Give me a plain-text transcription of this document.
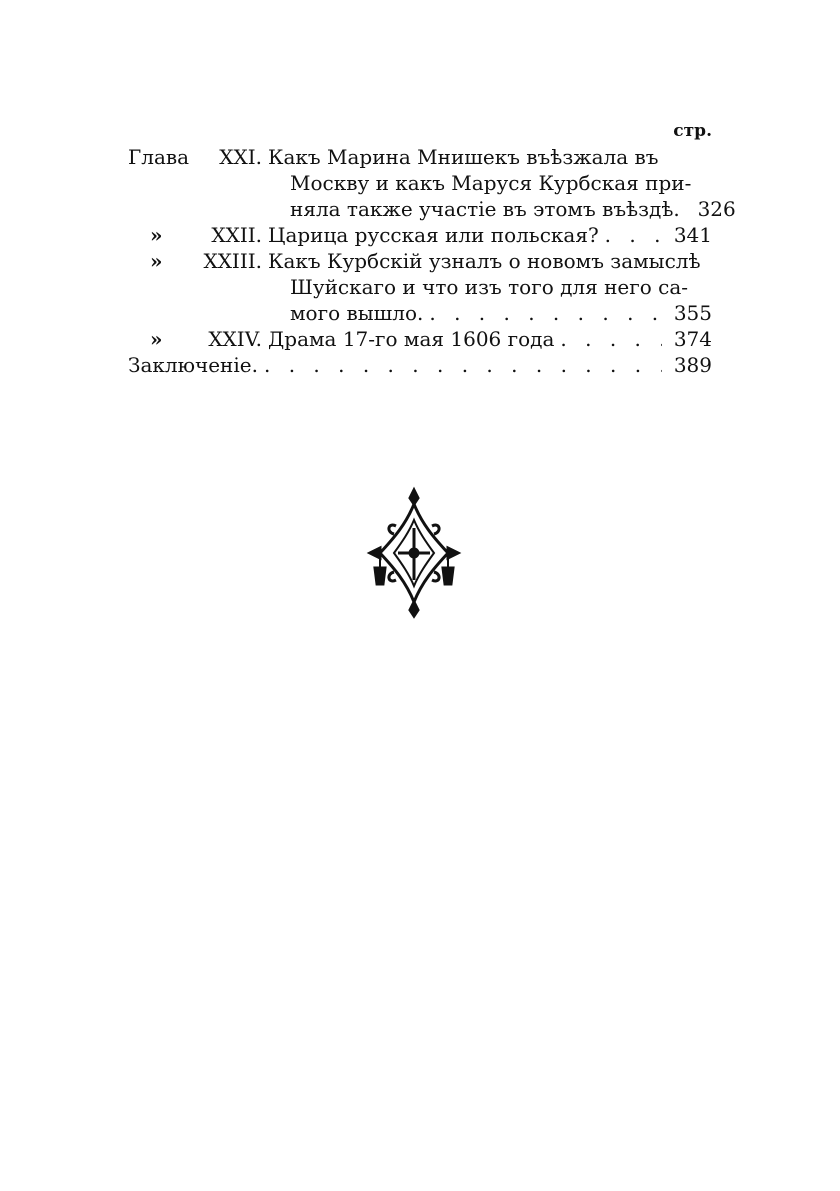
стр.
Глава	XXI. Какъ Марина Мнишекъ въѣзжала въ
Москву и какъ Маруся Курбская при-
няла также участіе въ этомъ въѣздѣ. 326
»	XXII. Царица русская или польская? . . .	341
»	XXIII. Какъ Курбскій узналъ о новомъ замыслѣ
Шуйскаго и что изъ того для него са-
мого вышло. . . .	355
»	XXIV. Драма 17-го мая 1606 года . . .	374
Заключеніе. . . .	389
